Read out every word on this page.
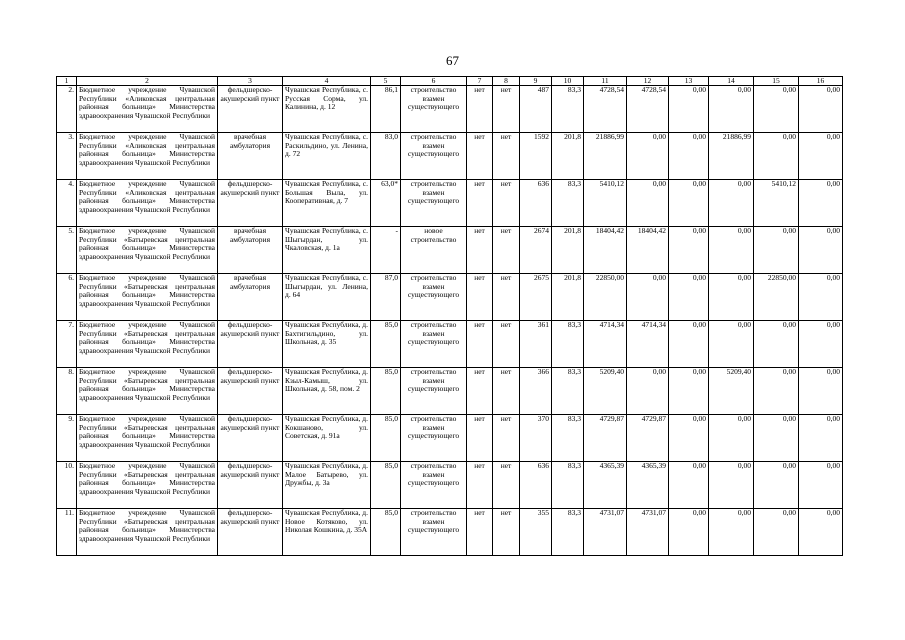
67
1	2	3	4	5	6	7	8	9	10	11	12	13	14	15	16
2.	Бюджетное учреждение Чувашской Республики «Аликовская центральная районная больница» Министерства здравоохранения Чувашской Республики	фельдшерско-акушерский пункт	Чувашская Республика, с. Русская Сорма, ул. Калинина, д. 12	86,1	строительство взамен существующего	нет	нет	487	83,3	4728,54	4728,54	0,00	0,00	0,00	0,00
3.	Бюджетное учреждение Чувашской Республики «Аликовская центральная районная больница» Министерства здравоохранения Чувашской Республики	врачебная амбулатория	Чувашская Республика, с. Раскильдино, ул. Ленина, д. 72	83,0	строительство взамен существующего	нет	нет	1592	201,8	21886,99	0,00	0,00	21886,99	0,00	0,00
4.	Бюджетное учреждение Чувашской Республики «Аликовская центральная районная больница» Министерства здравоохранения Чувашской Республики	фельдшерско-акушерский пункт	Чувашская Республика, с. Большая Выла, ул. Кооперативная, д. 7	63,0*	строительство взамен существующего	нет	нет	636	83,3	5410,12	0,00	0,00	0,00	5410,12	0,00
5.	Бюджетное учреждение Чувашской Республики «Батыревская центральная районная больница» Министерства здравоохранения Чувашской Республики	врачебная амбулатория	Чувашская Республика, с. Шыгырдан, ул. Чкаловская, д. 1а	-	новое строительство	нет	нет	2674	201,8	18404,42	18404,42	0,00	0,00	0,00	0,00
6.	Бюджетное учреждение Чувашской Республики «Батыревская центральная районная больница» Министерства здравоохранения Чувашской Республики	врачебная амбулатория	Чувашская Республика, с. Шыгырдан, ул. Ленина, д. 64	87,0	строительство взамен существующего	нет	нет	2675	201,8	22850,00	0,00	0,00	0,00	22850,00	0,00
7.	Бюджетное учреждение Чувашской Республики «Батыревская центральная районная больница» Министерства здравоохранения Чувашской Республики	фельдшерско-акушерский пункт	Чувашская Республика, д. Бахтигильдино, ул. Школьная, д. 35	85,0	строительство взамен существующего	нет	нет	361	83,3	4714,34	4714,34	0,00	0,00	0,00	0,00
8.	Бюджетное учреждение Чувашской Республики «Батыревская центральная районная больница» Министерства здравоохранения Чувашской Республики	фельдшерско-акушерский пункт	Чувашская Республика, д. Кзыл-Камыш, ул. Школьная, д. 58, пом. 2	85,0	строительство взамен существующего	нет	нет	366	83,3	5209,40	0,00	0,00	5209,40	0,00	0,00
9.	Бюджетное учреждение Чувашской Республики «Батыревская центральная районная больница» Министерства здравоохранения Чувашской Республики	фельдшерско-акушерский пункт	Чувашская Республика, д. Кокшаново, ул. Советская, д. 91а	85,0	строительство взамен существующего	нет	нет	370	83,3	4729,87	4729,87	0,00	0,00	0,00	0,00
10.	Бюджетное учреждение Чувашской Республики «Батыревская центральная районная больница» Министерства здравоохранения Чувашской Республики	фельдшерско-акушерский пункт	Чувашская Республика, д. Малое Батырево, ул. Дружбы, д. 3а	85,0	строительство взамен существующего	нет	нет	636	83,3	4365,39	4365,39	0,00	0,00	0,00	0,00
11.	Бюджетное учреждение Чувашской Республики «Батыревская центральная районная больница» Министерства здравоохранения Чувашской Республики	фельдшерско-акушерский пункт	Чувашская Республика, д. Новое Котяково, ул. Николая Кошкина, д. 35А	85,0	строительство взамен существующего	нет	нет	355	83,3	4731,07	4731,07	0,00	0,00	0,00	0,00
